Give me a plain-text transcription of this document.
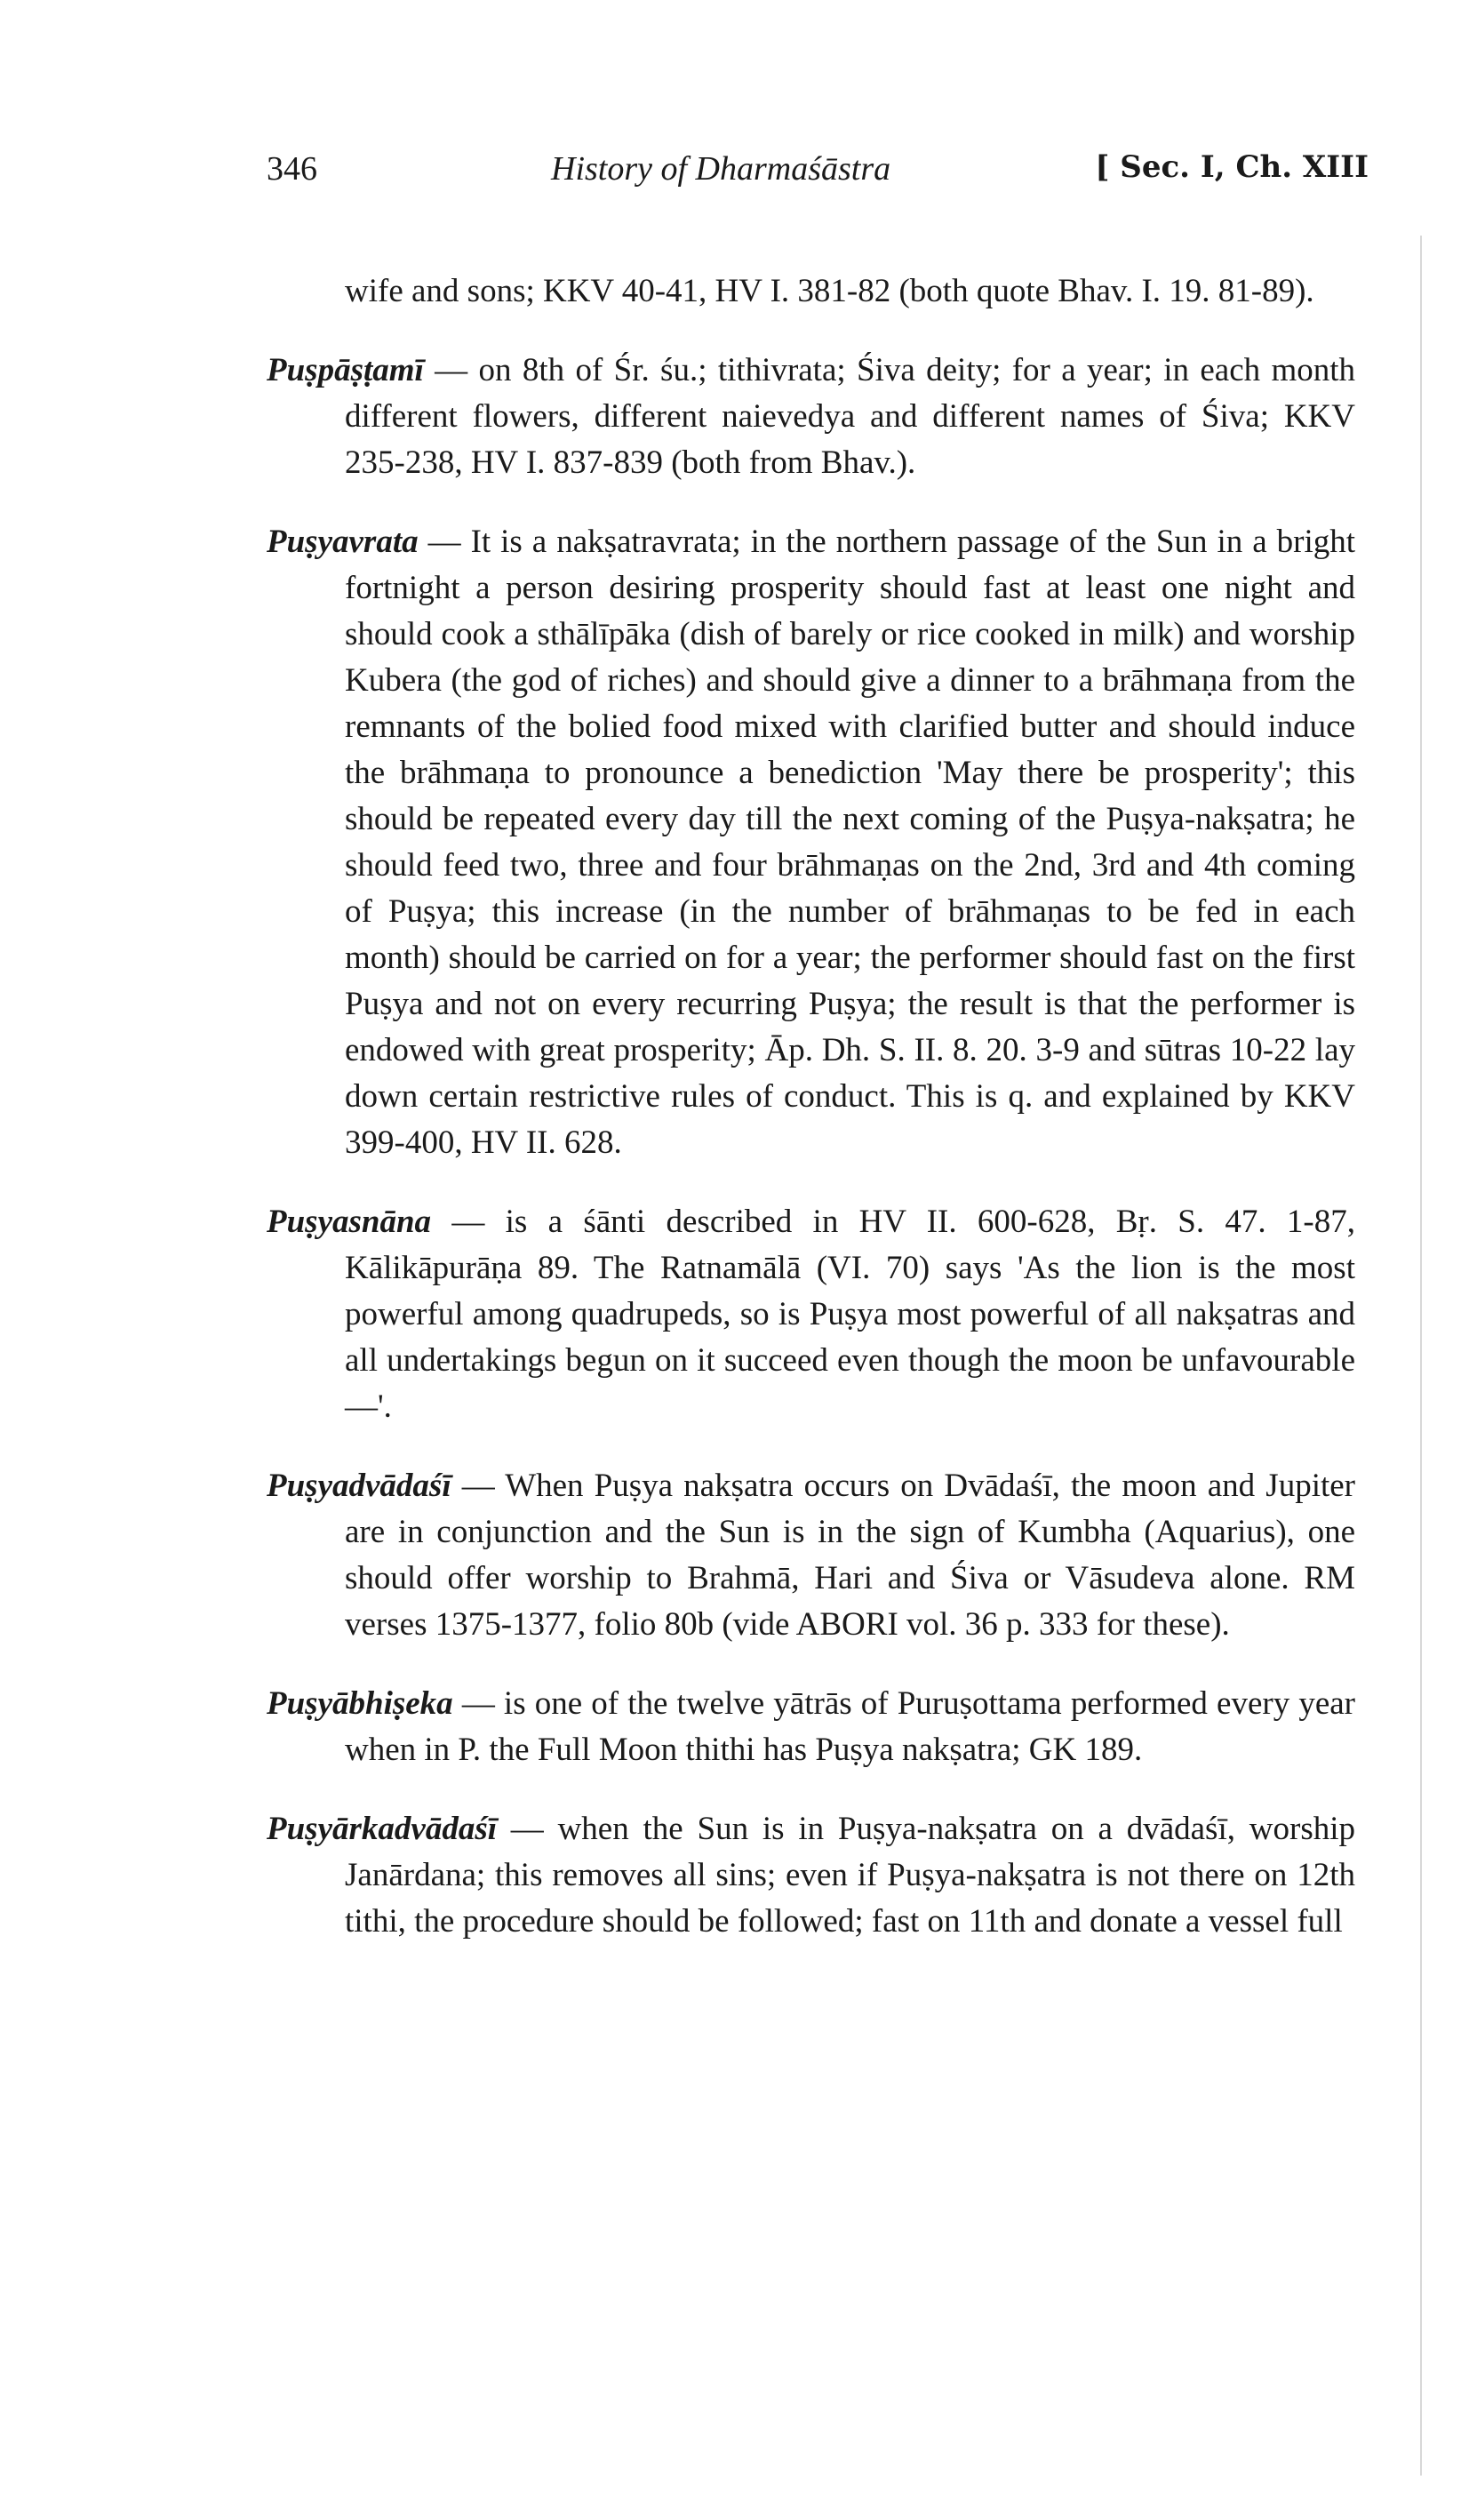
346	History of Dharmaśāstra	[ Sec. I, Ch. XIII

wife and sons; KKV 40-41, HV I. 381-82 (both quote Bhav. I. 19. 81-89).

Puṣpāṣṭamī — on 8th of Śr. śu.; tithivrata; Śiva deity; for a year; in each month different flowers, different naievedya and different names of Śiva; KKV 235-238, HV I. 837-839 (both from Bhav.).

Puṣyavrata — It is a nakṣatravrata; in the northern passage of the Sun in a bright fortnight a person desiring prosperity should fast at least one night and should cook a sthālīpāka (dish of barely or rice cooked in milk) and worship Kubera (the god of riches) and should give a dinner to a brāhmaṇa from the remnants of the bolied food mixed with clarified butter and should induce the brāhmaṇa to pronounce a benediction 'May there be prosperity'; this should be repeated every day till the next coming of the Puṣya-nakṣatra; he should feed two, three and four brāhmaṇas on the 2nd, 3rd and 4th coming of Puṣya; this increase (in the number of brāhmaṇas to be fed in each month) should be carried on for a year; the performer should fast on the first Puṣya and not on every recurring Puṣya; the result is that the performer is endowed with great prosperity; Āp. Dh. S. II. 8. 20. 3-9 and sūtras 10-22 lay down certain restrictive rules of conduct. This is q. and explained by KKV 399-400, HV II. 628.

Puṣyasnāna — is a śānti described in HV II. 600-628, Bṛ. S. 47. 1-87, Kālikāpurāṇa 89. The Ratnamālā (VI. 70) says 'As the lion is the most powerful among quadrupeds, so is Puṣya most powerful of all nakṣatras and all undertakings begun on it succeed even though the moon be unfavourable —'.

Puṣyadvādaśī — When Puṣya nakṣatra occurs on Dvādaśī, the moon and Jupiter are in conjunction and the Sun is in the sign of Kumbha (Aquarius), one should offer worship to Brahmā, Hari and Śiva or Vāsudeva alone. RM verses 1375-1377, folio 80b (vide ABORI vol. 36 p. 333 for these).

Puṣyābhiṣeka — is one of the twelve yātrās of Puruṣottama performed every year when in P. the Full Moon thithi has Puṣya nakṣatra; GK 189.

Puṣyārkadvādaśī — when the Sun is in Puṣya-nakṣatra on a dvādaśī, worship Janārdana; this removes all sins; even if Puṣya-nakṣatra is not there on 12th tithi, the procedure should be followed; fast on 11th and donate a vessel full
